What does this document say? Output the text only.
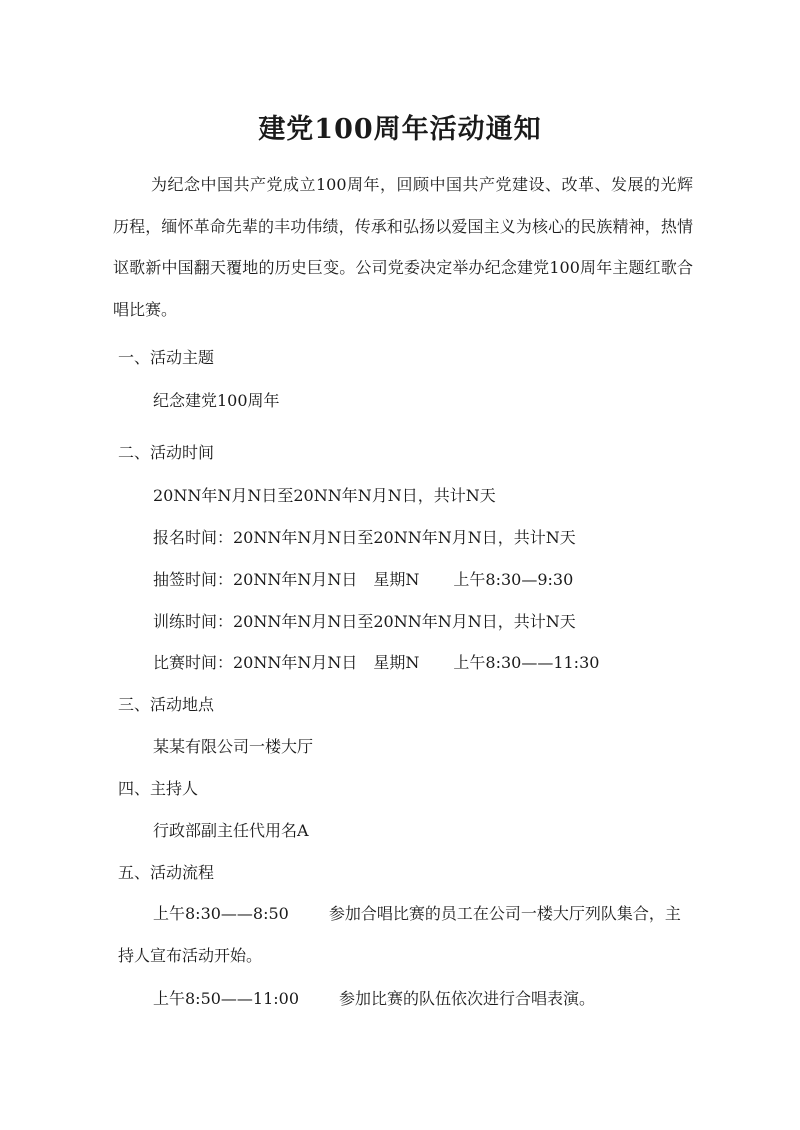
建党100周年活动通知

为纪念中国共产党成立100周年，回顾中国共产党建设、改革、发展的光辉历程，缅怀革命先辈的丰功伟绩，传承和弘扬以爱国主义为核心的民族精神，热情讴歌新中国翻天覆地的历史巨变。公司党委决定举办纪念建党100周年主题红歌合唱比赛。

一、活动主题
纪念建党100周年
二、活动时间
20NN年N月N日至20NN年N月N日，共计N天
报名时间：20NN年N月N日至20NN年N月N日，共计N天
抽签时间：20NN年N月N日 星期N 上午8:30—9:30
训练时间：20NN年N月N日至20NN年N月N日，共计N天
比赛时间：20NN年N月N日 星期N 上午8:30——11:30
三、活动地点
某某有限公司一楼大厅
四、主持人
行政部副主任代用名A
五、活动流程

上午8:30——8:50	参加合唱比赛的员工在公司一楼大厅列队集合，主持人宣布活动开始。

上午8:50——11:00	参加比赛的队伍依次进行合唱表演。
